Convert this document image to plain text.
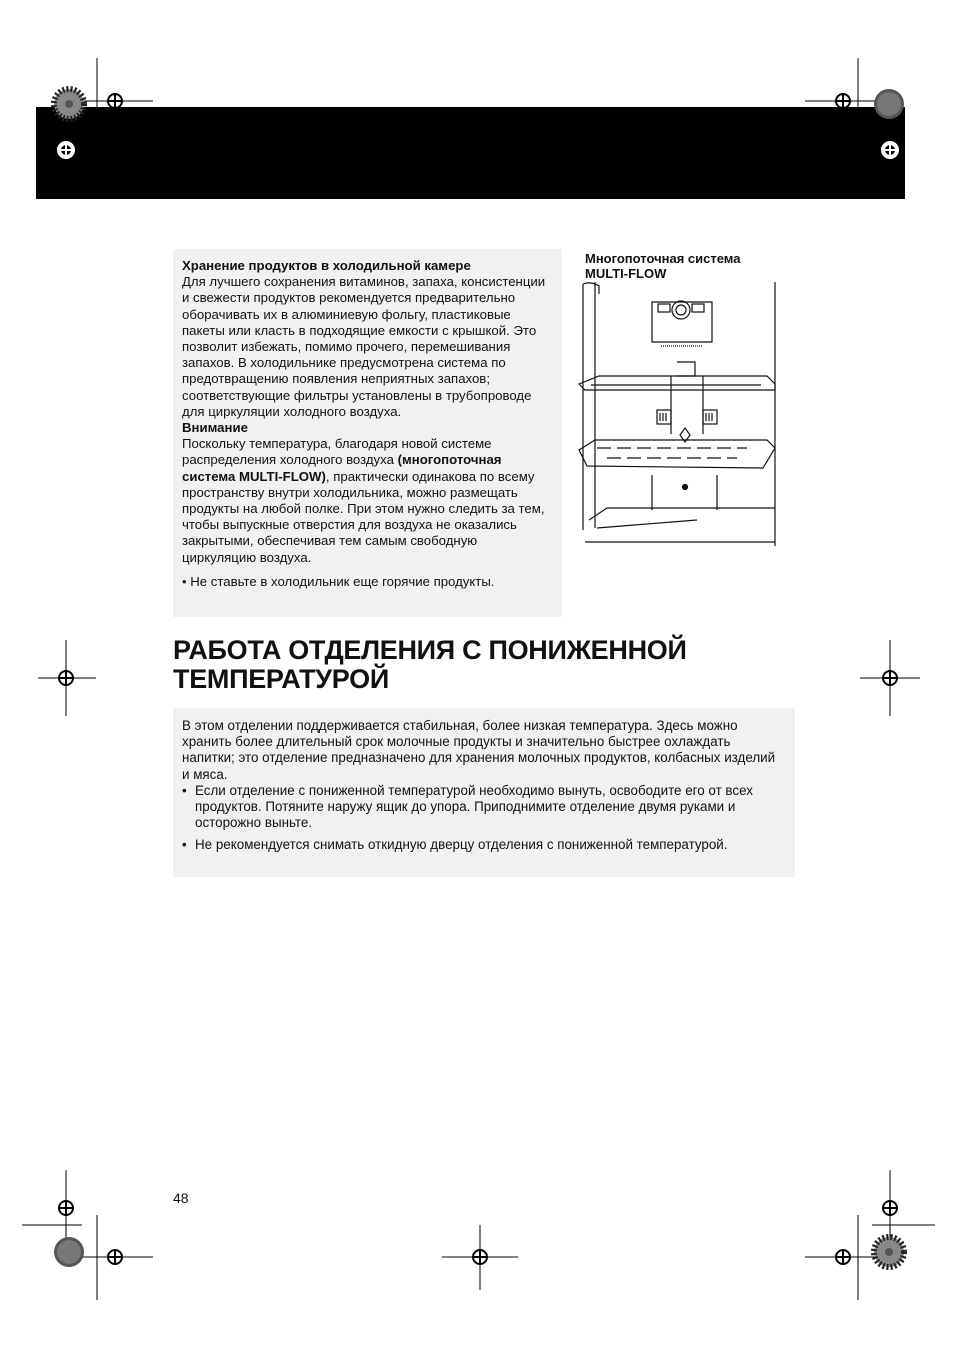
Хранение продуктов в холодильной камере

Для лучшего сохранения витаминов, запаха, консистенции и свежести продуктов рекомендуется предварительно оборачивать их в алюминиевую фольгу, пластиковые пакеты или класть в подходящие емкости с крышкой. Это позволит избежать, помимо прочего, перемешивания запахов. В холодильнике предусмотрена система по предотвращению появления неприятных запахов; соответствующие фильтры установлены в трубопроводе для циркуляции холодного воздуха.

Внимание

Поскольку температура, благодаря новой системе распределения холодного воздуха (многопоточная система MULTI-FLOW), практически одинакова по всему пространству внутри холодильника, можно размещать продукты на любой полке. При этом нужно следить за тем, чтобы выпускные отверстия для воздуха не оказались закрытыми, обеспечивая тем самым свободную циркуляцию воздуха.

• Не ставьте в холодильник еще горячие продукты.

Многопоточная система
MULTI-FLOW
РАБОТА ОТДЕЛЕНИЯ С ПОНИЖЕННОЙ
ТЕМПЕРАТУРОЙ

В этом отделении поддерживается стабильная, более низкая температура. Здесь можно хранить более длительный срок молочные продукты и значительно быстрее охлаждать напитки; это отделение предназначено для хранения молочных продуктов, колбасных изделий и мяса.

• Если отделение с пониженной температурой необходимо вынуть, освободите его от всех продуктов. Потяните наружу ящик до упора. Приподнимите отделение двумя руками и осторожно выньте.
• Не рекомендуется снимать откидную дверцу отделения с пониженной температурой.
48
